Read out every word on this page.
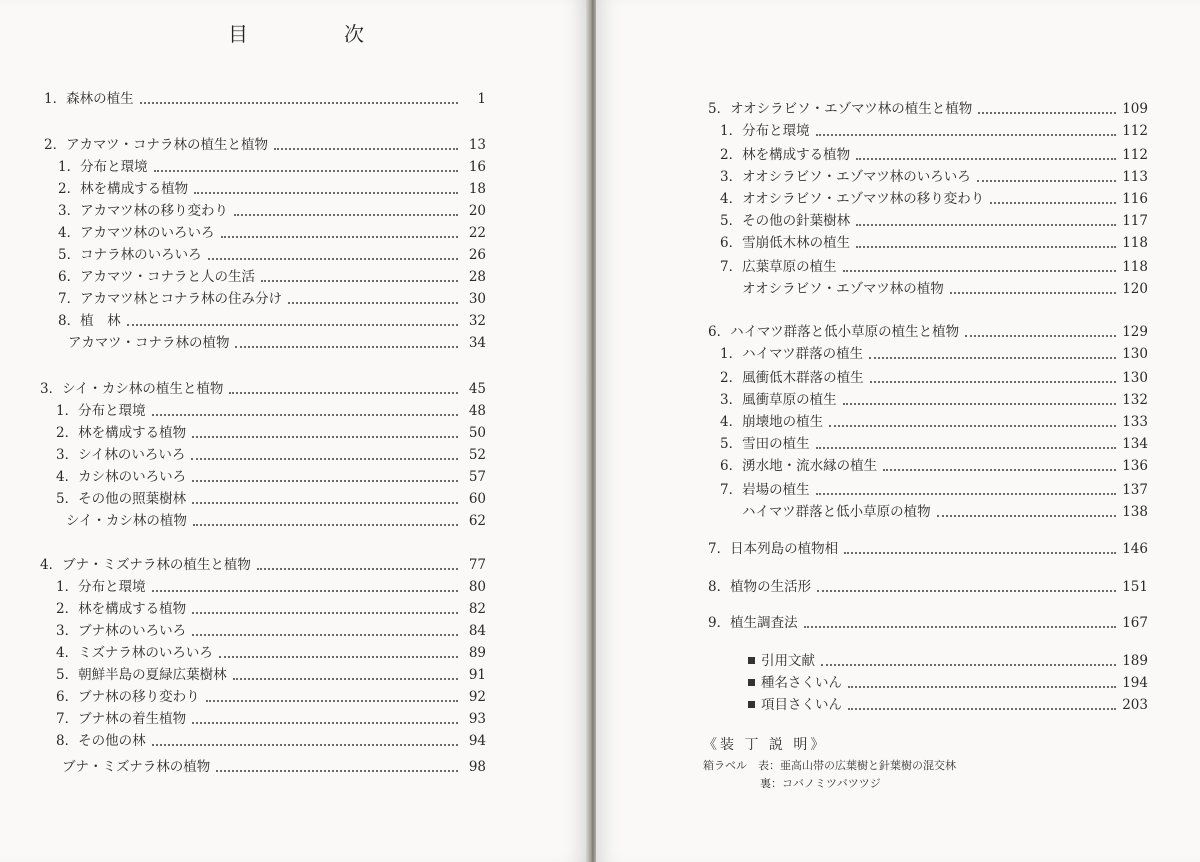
目　次
1．森林の植生	1
2．アカマツ・コナラ林の植生と植物	13
1．分布と環境	16
2．林を構成する植物	18
3．アカマツ林の移り変わり	20
4．アカマツ林のいろいろ	22
5．コナラ林のいろいろ	26
6．アカマツ・コナラと人の生活	28
7．アカマツ林とコナラ林の住み分け	30
8．植　林	32
アカマツ・コナラ林の植物	34
3．シイ・カシ林の植生と植物	45
1．分布と環境	48
2．林を構成する植物	50
3．シイ林のいろいろ	52
4．カシ林のいろいろ	57
5．その他の照葉樹林	60
シイ・カシ林の植物	62
4．ブナ・ミズナラ林の植生と植物	77
1．分布と環境	80
2．林を構成する植物	82
3．ブナ林のいろいろ	84
4．ミズナラ林のいろいろ	89
5．朝鮮半島の夏緑広葉樹林	91
6．ブナ林の移り変わり	92
7．ブナ林の着生植物	93
8．その他の林	94
ブナ・ミズナラ林の植物	98
5．オオシラビソ・エゾマツ林の植生と植物	109
1．分布と環境	112
2．林を構成する植物	112
3．オオシラビソ・エゾマツ林のいろいろ	113
4．オオシラビソ・エゾマツ林の移り変わり	116
5．その他の針葉樹林	117
6．雪崩低木林の植生	118
7．広葉草原の植生	118
オオシラビソ・エゾマツ林の植物	120
6．ハイマツ群落と低小草原の植生と植物	129
1．ハイマツ群落の植生	130
2．風衝低木群落の植生	130
3．風衝草原の植生	132
4．崩壊地の植生	133
5．雪田の植生	134
6．湧水地・流水縁の植生	136
7．岩場の植生	137
ハイマツ群落と低小草原の植物	138
7．日本列島の植物相	146
8．植物の生活形	151
9．植生調査法	167
引用文献	189
種名さくいん	194
項目さくいん	203
《装 丁 説 明》
箱ラベル　表：亜高山帯の広葉樹と針葉樹の混交林
裏：コバノミツバツツジ
